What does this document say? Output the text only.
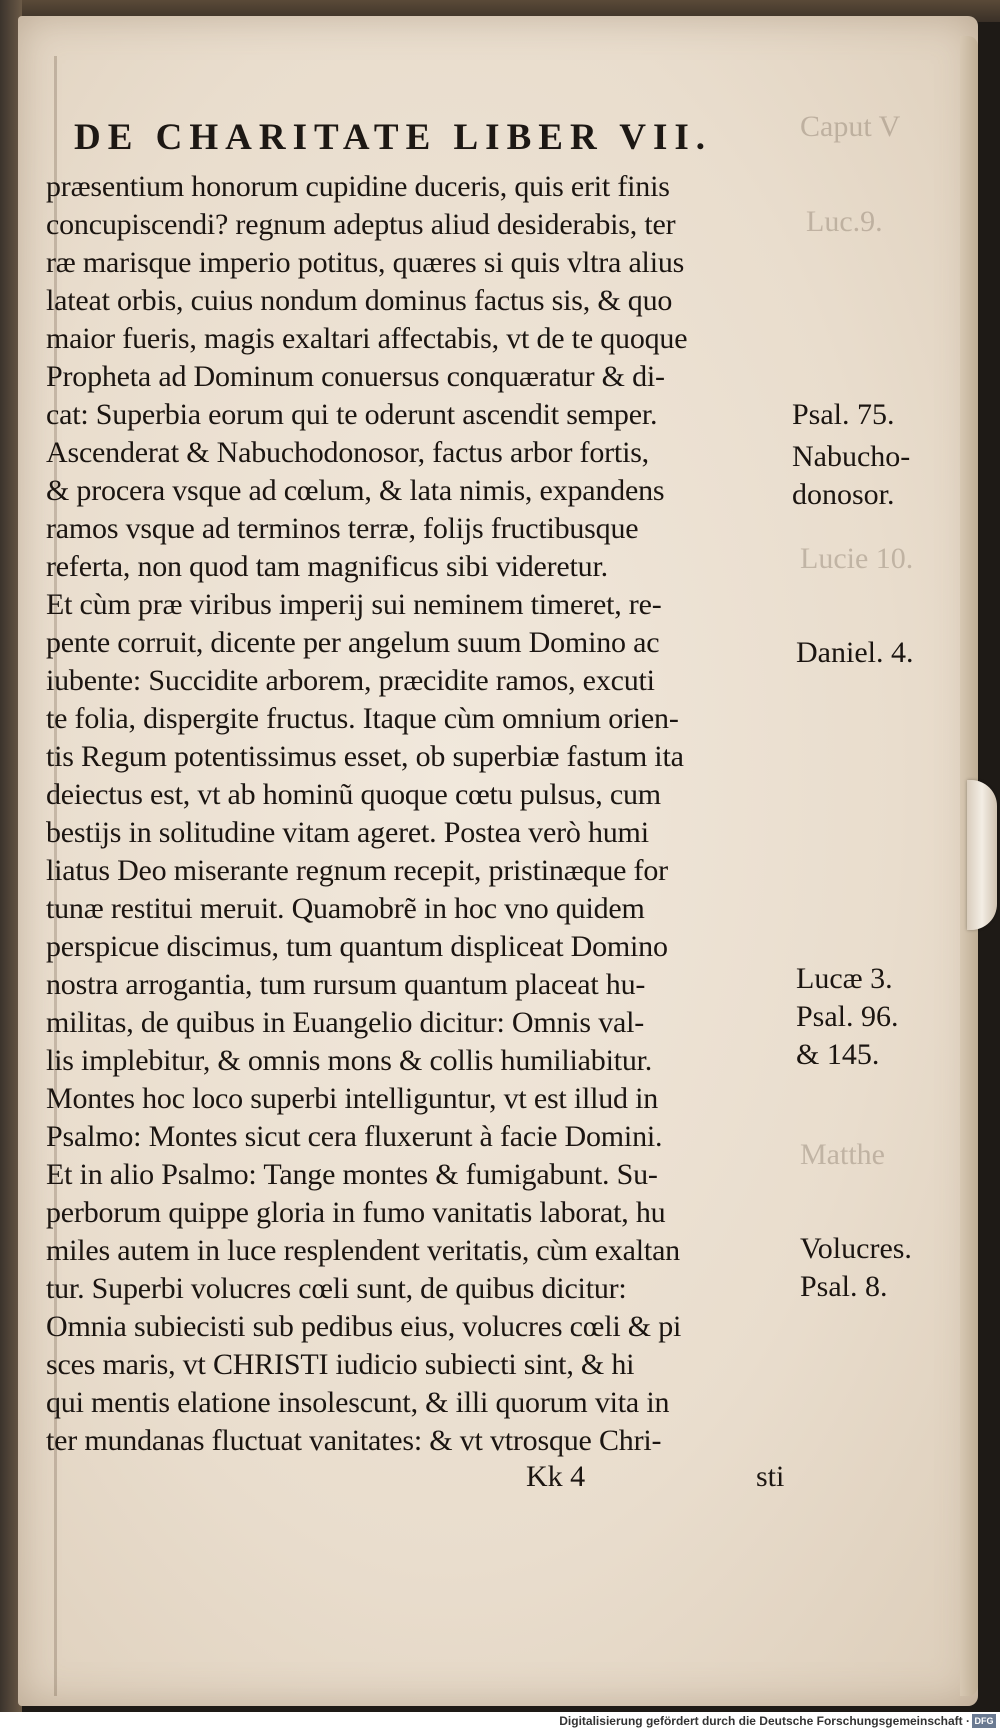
DE CHARITATE LIBER VII.	Caput V
Luc.9.
Lucie 10.
Matthe
præsentium honorum cupidine duceris, quis erit finis
concupiscendi? regnum adeptus aliud desiderabis, ter
ræ marisque imperio potitus, quæres si quis vltra alius
lateat orbis, cuius nondum dominus factus sis, & quo
maior fueris, magis exaltari affectabis, vt de te quoque
Propheta ad Dominum conuersus conquæratur & di-
cat: Superbia eorum qui te oderunt ascendit semper.
Ascenderat & Nabuchodonosor, factus arbor fortis,
& procera vsque ad cœlum, & lata nimis, expandens
ramos vsque ad terminos terræ, folijs fructibusque
referta, non quod tam magnificus sibi videretur.
Et cùm præ viribus imperij sui neminem timeret, re-
pente corruit, dicente per angelum suum Domino ac
iubente: Succidite arborem, præcidite ramos, excuti
te folia, dispergite fructus. Itaque cùm omnium orien-
tis Regum potentissimus esset, ob superbiæ fastum ita
deiectus est, vt ab hominũ quoque cœtu pulsus, cum
bestijs in solitudine vitam ageret. Postea verò humi
liatus Deo miserante regnum recepit, pristinæque for
tunæ restitui meruit. Quamobrẽ in hoc vno quidem
perspicue discimus, tum quantum displiceat Domino
nostra arrogantia, tum rursum quantum placeat hu-
militas, de quibus in Euangelio dicitur: Omnis val-
lis implebitur, & omnis mons & collis humiliabitur.
Montes hoc loco superbi intelliguntur, vt est illud in
Psalmo: Montes sicut cera fluxerunt à facie Domini.
Et in alio Psalmo: Tange montes & fumigabunt. Su-
perborum quippe gloria in fumo vanitatis laborat, hu
miles autem in luce resplendent veritatis, cùm exaltan
tur. Superbi volucres cœli sunt, de quibus dicitur:
Omnia subiecisti sub pedibus eius, volucres cœli & pi
sces maris, vt CHRISTI iudicio subiecti sint, & hi
qui mentis elatione insolescunt, & illi quorum vita in
ter mundanas fluctuat vanitates: & vt vtrosque Chri-
Kk 4	sti
Psal. 75.
Nabucho-
donosor.
Daniel. 4.
Lucæ 3.
Psal. 96.
& 145.
Volucres.
Psal. 8.
Digitalisierung gefördert durch die Deutsche Forschungsgemeinschaft · DFG
